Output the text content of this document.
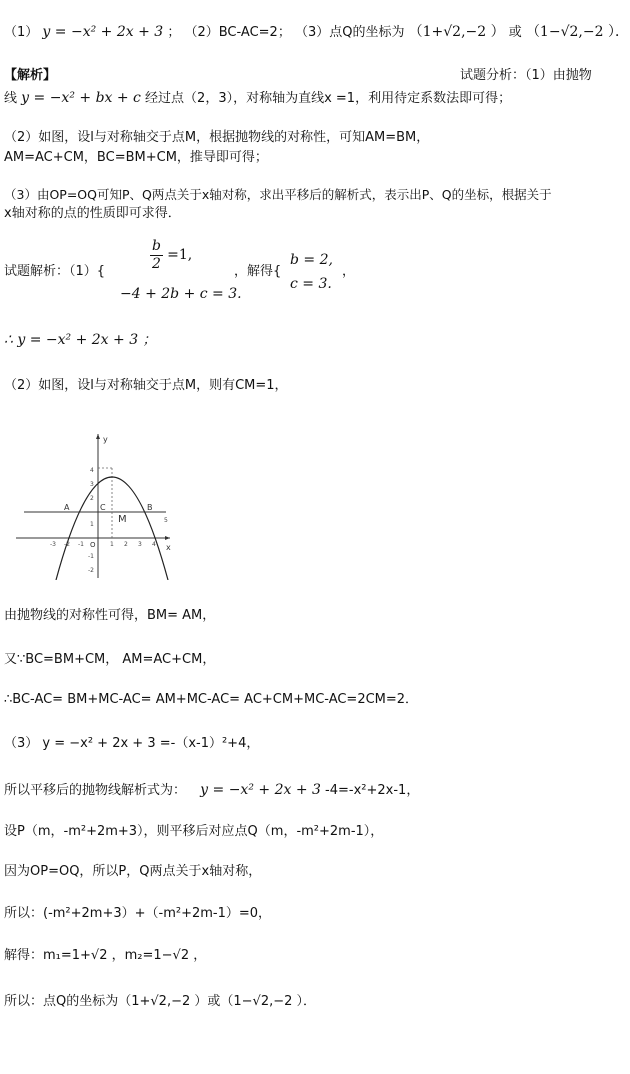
（1） y = −x² + 2x + 3 ； （2）BC-AC=2； （3）点Q的坐标为 （1+√2,−2 ） 或 （1−√2,−2 ）．
【解析】	试题分析：（1）由抛物
线 y = −x² + bx + c 经过点（2，3），对称轴为直线x =1，利用待定系数法即可得；
（2）如图，设l与对称轴交于点M，根据抛物线的对称性，可知AM=BM，
AM=AC+CM，BC=BM+CM，推导即可得；
（3）由OP=OQ可知P、Q两点关于x轴对称，求出平移后的解析式，表示出P、Q的坐标，根据关于
x轴对称的点的性质即可求得．
试题解析：（1）{	$\frac{b}{2} =1$,
−4 + 2b + c = 3.
，解得{
b = 2,
c = 3.
，
∴ y = −x² + 2x + 3 ；
（2）如图，设l与对称轴交于点M，则有CM=1，
y
x
A	C	B
M
O
-3 -2 -1	1 2 3 4
5
4
3
2
1
-1
-2
由抛物线的对称性可得，BM= AM，
又∵BC=BM+CM， AM=AC+CM，
∴BC-AC= BM+MC-AC= AM+MC-AC= AC+CM+MC-AC=2CM=2．
（3） y = −x² + 2x + 3 =-（x-1）²+4，
所以平移后的抛物线解析式为： y = −x² + 2x + 3 -4=-x²+2x-1，
设P（m，-m²+2m+3），则平移后对应点Q（m，-m²+2m-1），
因为OP=OQ，所以P，Q两点关于x轴对称，
所以：(-m²+2m+3）+（-m²+2m-1）=0，
解得：m₁=1+√2 ，m₂=1−√2 ，
所以：点Q的坐标为（1+√2,−2 ）或（1−√2,−2 ）．
